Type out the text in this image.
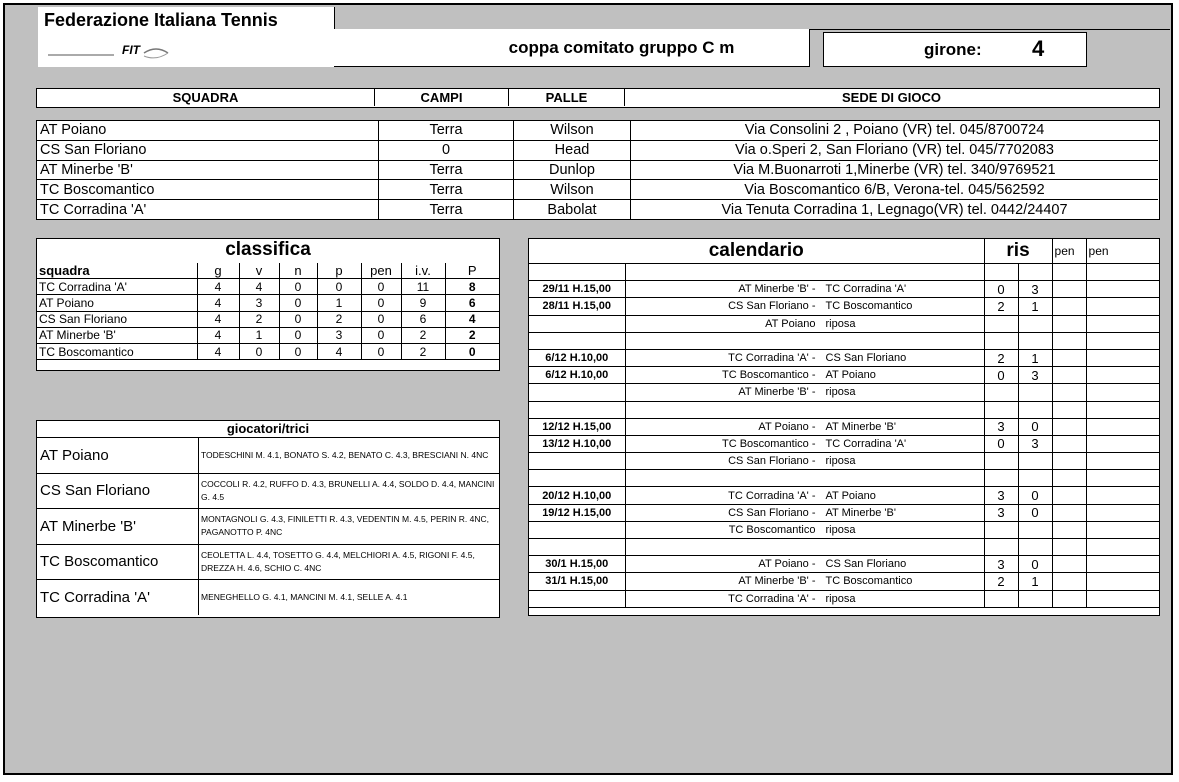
Federazione Italiana Tennis
FIT	coppa comitato gruppo C m	girone: 4
SQUADRA	CAMPI	PALLE	SEDE DI GIOCO
AT Poiano	Terra	Wilson	Via Consolini 2 , Poiano (VR) tel. 045/8700724
CS San Floriano	0	Head	Via o.Speri 2, San Floriano (VR) tel. 045/7702083
AT Minerbe 'B'	Terra	Dunlop	Via M.Buonarroti 1,Minerbe (VR) tel. 340/9769521
TC Boscomantico	Terra	Wilson	Via Boscomantico 6/B, Verona-tel. 045/562592
TC Corradina 'A'	Terra	Babolat	Via Tenuta Corradina 1, Legnago(VR) tel. 0442/24407
classifica
squadra	g	v	n	p	pen	i.v.	P
TC Corradina 'A'	4	4	0	0	0	11	8
AT Poiano	4	3	0	1	0	9	6
CS San Floriano	4	2	0	2	0	6	4
AT Minerbe 'B'	4	1	0	3	0	2	2
TC Boscomantico	4	0	0	4	0	2	0
giocatori/trici
AT Poiano	TODESCHINI M. 4.1, BONATO S. 4.2, BENATO C. 4.3, BRESCIANI N. 4NC
CS San Floriano	COCCOLI R. 4.2, RUFFO D. 4.3, BRUNELLI A. 4.4, SOLDO D. 4.4, MANCINI G. 4.5
AT Minerbe 'B'	MONTAGNOLI G. 4.3, FINILETTI R. 4.3, VEDENTIN M. 4.5, PERIN R. 4NC, PAGANOTTO P. 4NC
TC Boscomantico	CEOLETTA L. 4.4, TOSETTO G. 4.4, MELCHIORI A. 4.5, RIGONI F. 4.5, DREZZA H. 4.6, SCHIO C. 4NC
TC Corradina 'A'	MENEGHELLO G. 4.1, MANCINI M. 4.1, SELLE A. 4.1
calendario		ris		pen	pen

29/11 H.15,00	AT Minerbe 'B' - TC Corradina 'A'	0	3		
28/11 H.15,00	CS San Floriano - TC Boscomantico	2	1		
	AT Poiano riposa				

6/12 H.10,00	TC Corradina 'A' - CS San Floriano	2	1		
6/12 H.10,00	TC Boscomantico - AT Poiano	0	3		
	AT Minerbe 'B' - riposa				

12/12 H.15,00	AT Poiano - AT Minerbe 'B'	3	0		
13/12 H.10,00	TC Boscomantico - TC Corradina 'A'	0	3		
	CS San Floriano - riposa				

20/12 H.10,00	TC Corradina 'A' - AT Poiano	3	0		
19/12 H.15,00	CS San Floriano - AT Minerbe 'B'	3	0		
	TC Boscomantico riposa				

30/1 H.15,00	AT Poiano - CS San Floriano	3	0		
31/1 H.15,00	AT Minerbe 'B' - TC Boscomantico	2	1		
	TC Corradina 'A' - riposa				
